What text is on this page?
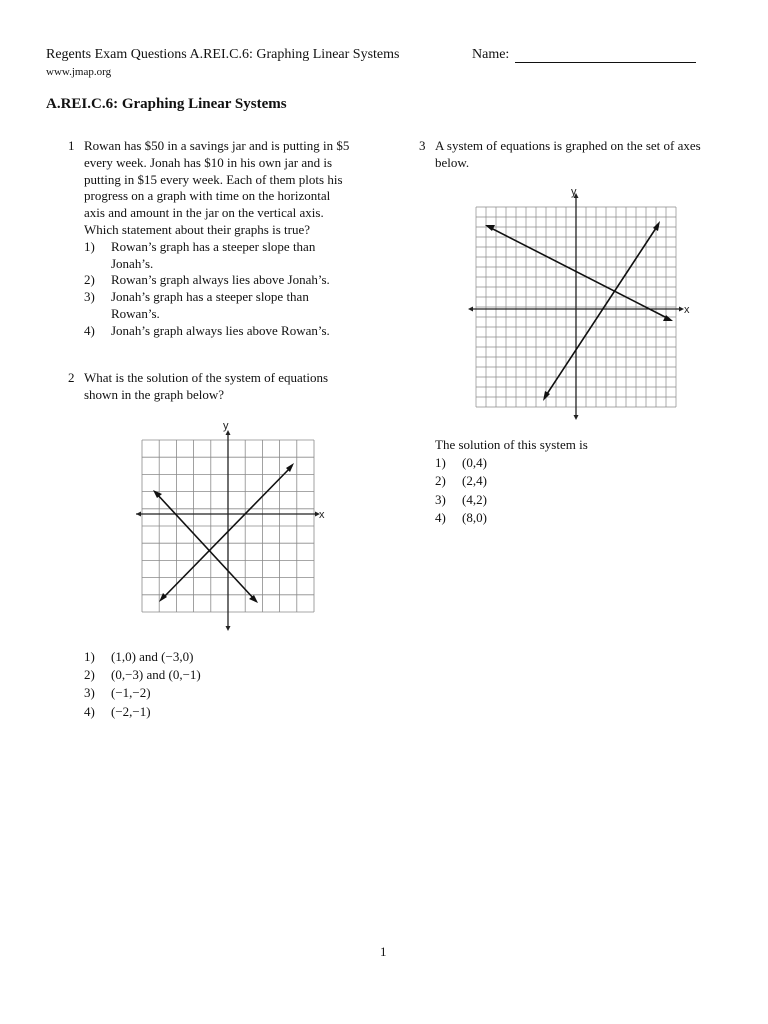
Regents Exam Questions A.REI.C.6: Graphing Linear Systems	Name:
www.jmap.org
A.REI.C.6: Graphing Linear Systems
1 Rowan has $50 in a savings jar and is putting in $5
every week. Jonah has $10 in his own jar and is
putting in $15 every week. Each of them plots his
progress on a graph with time on the horizontal
axis and amount in the jar on the vertical axis.
Which statement about their graphs is true?
1) Rowan’s graph has a steeper slope than
Jonah’s.
2) Rowan’s graph always lies above Jonah’s.
3) Jonah’s graph has a steeper slope than
Rowan’s.
4) Jonah’s graph always lies above Rowan’s.
2 What is the solution of the system of equations
shown in the graph below?
x
y
1) (1,0) and (−3,0)
2) (0,−3) and (0,−1)
3) (−1,−2)
4) (−2,−1)
3 A system of equations is graphed on the set of axes
below.
x
y
The solution of this system is
1) (0,4)
2) (2,4)
3) (4,2)
4) (8,0)
1
